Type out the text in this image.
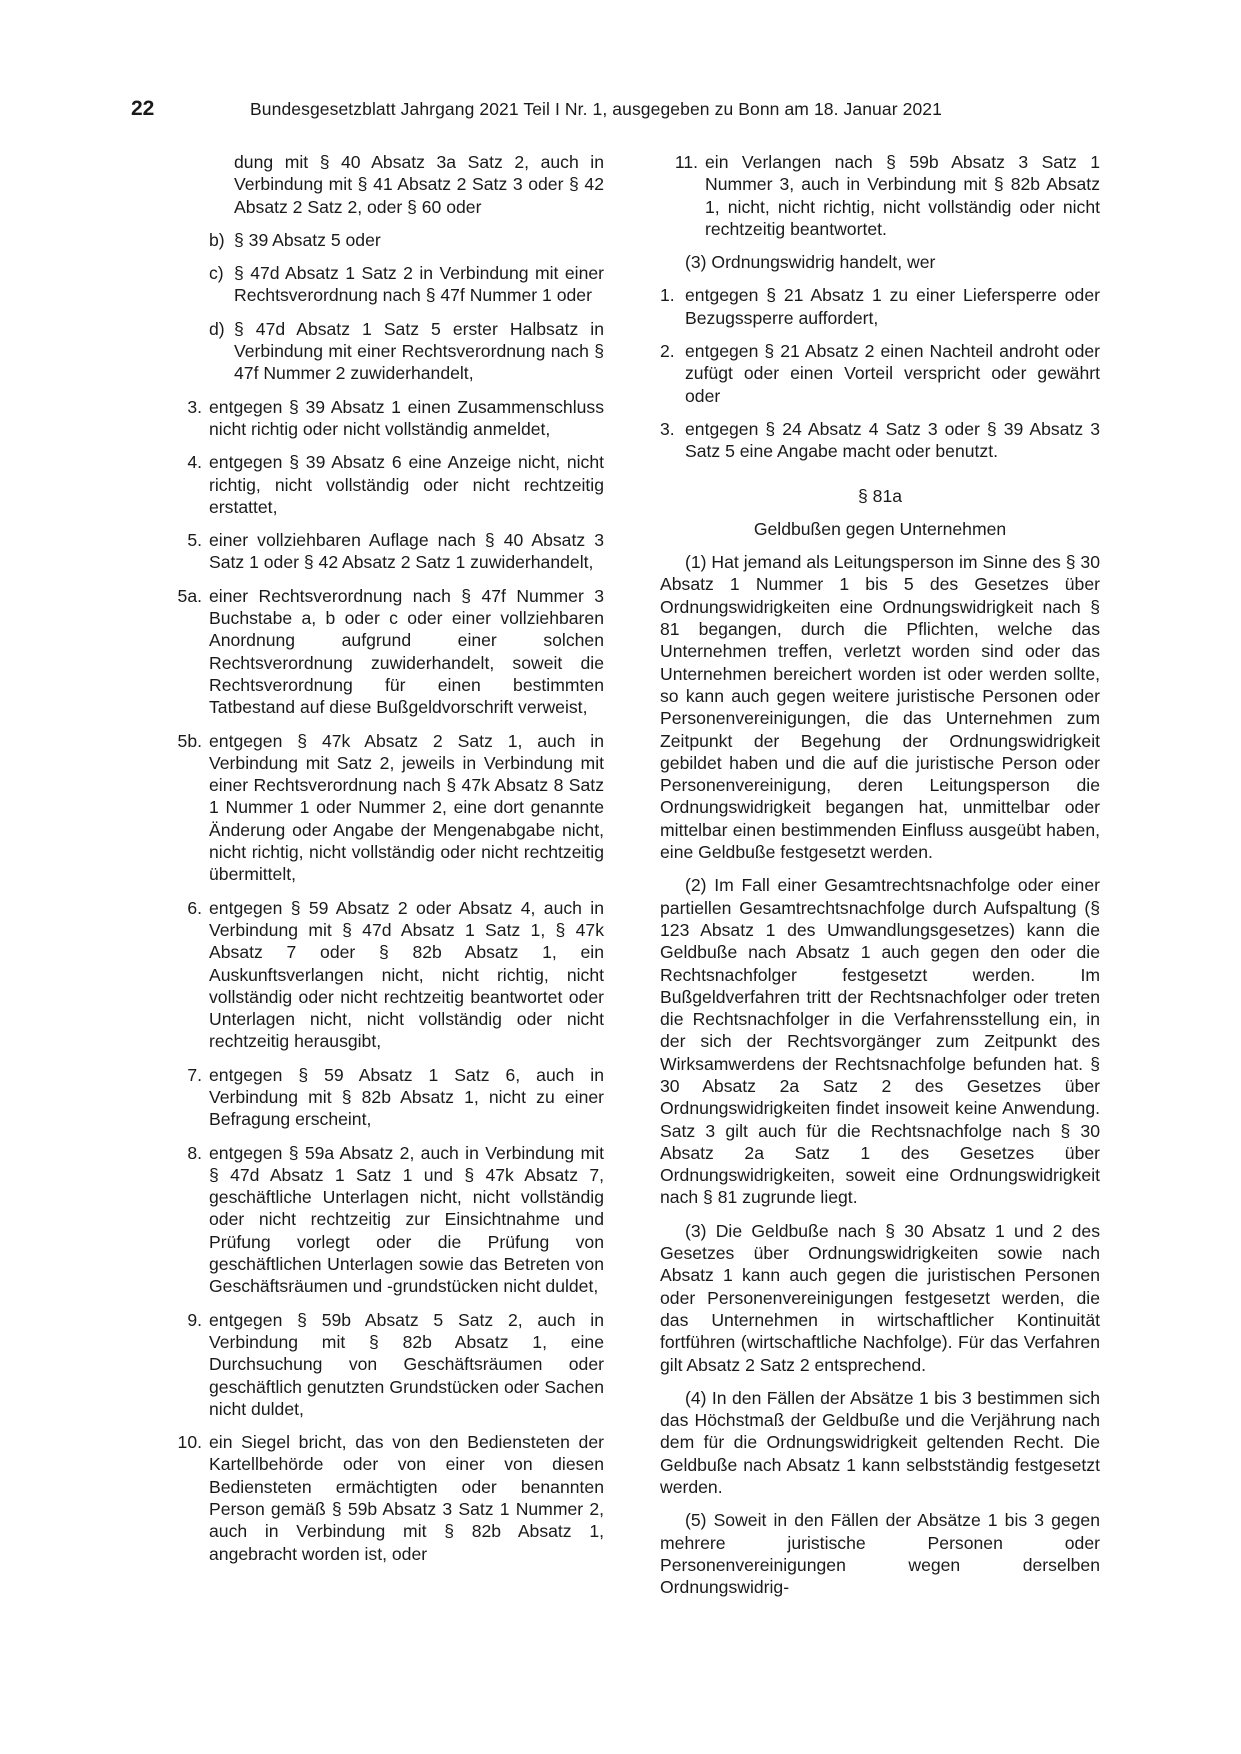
22	Bundesgesetzblatt Jahrgang 2021 Teil I Nr. 1, ausgegeben zu Bonn am 18. Januar 2021

dung mit § 40 Absatz 3a Satz 2, auch in Verbindung mit § 41 Absatz 2 Satz 3 oder § 42 Absatz 2 Satz 2, oder § 60 oder

b) § 39 Absatz 5 oder
c) § 47d Absatz 1 Satz 2 in Verbindung mit einer Rechtsverordnung nach § 47f Nummer 1 oder
d) § 47d Absatz 1 Satz 5 erster Halbsatz in Verbindung mit einer Rechtsverordnung nach § 47f Nummer 2 zuwiderhandelt,
3. entgegen § 39 Absatz 1 einen Zusammenschluss nicht richtig oder nicht vollständig anmeldet,
4. entgegen § 39 Absatz 6 eine Anzeige nicht, nicht richtig, nicht vollständig oder nicht rechtzeitig erstattet,
5. einer vollziehbaren Auflage nach § 40 Absatz 3 Satz 1 oder § 42 Absatz 2 Satz 1 zuwiderhandelt,
5a. einer Rechtsverordnung nach § 47f Nummer 3 Buchstabe a, b oder c oder einer vollziehbaren Anordnung aufgrund einer solchen Rechtsverordnung zuwiderhandelt, soweit die Rechtsverordnung für einen bestimmten Tatbestand auf diese Bußgeldvorschrift verweist,
5b. entgegen § 47k Absatz 2 Satz 1, auch in Verbindung mit Satz 2, jeweils in Verbindung mit einer Rechtsverordnung nach § 47k Absatz 8 Satz 1 Nummer 1 oder Nummer 2, eine dort genannte Änderung oder Angabe der Mengenabgabe nicht, nicht richtig, nicht vollständig oder nicht rechtzeitig übermittelt,
6. entgegen § 59 Absatz 2 oder Absatz 4, auch in Verbindung mit § 47d Absatz 1 Satz 1, § 47k Absatz 7 oder § 82b Absatz 1, ein Auskunftsverlangen nicht, nicht richtig, nicht vollständig oder nicht rechtzeitig beantwortet oder Unterlagen nicht, nicht vollständig oder nicht rechtzeitig herausgibt,
7. entgegen § 59 Absatz 1 Satz 6, auch in Verbindung mit § 82b Absatz 1, nicht zu einer Befragung erscheint,
8. entgegen § 59a Absatz 2, auch in Verbindung mit § 47d Absatz 1 Satz 1 und § 47k Absatz 7, geschäftliche Unterlagen nicht, nicht vollständig oder nicht rechtzeitig zur Einsichtnahme und Prüfung vorlegt oder die Prüfung von geschäftlichen Unterlagen sowie das Betreten von Geschäftsräumen und -grundstücken nicht duldet,
9. entgegen § 59b Absatz 5 Satz 2, auch in Verbindung mit § 82b Absatz 1, eine Durchsuchung von Geschäftsräumen oder geschäftlich genutzten Grundstücken oder Sachen nicht duldet,
10. ein Siegel bricht, das von den Bediensteten der Kartellbehörde oder von einer von diesen Bediensteten ermächtigten oder benannten Person gemäß § 59b Absatz 3 Satz 1 Nummer 2, auch in Verbindung mit § 82b Absatz 1, angebracht worden ist, oder
11. ein Verlangen nach § 59b Absatz 3 Satz 1 Nummer 3, auch in Verbindung mit § 82b Absatz 1, nicht, nicht richtig, nicht vollständig oder nicht rechtzeitig beantwortet.

(3) Ordnungswidrig handelt, wer

1. entgegen § 21 Absatz 1 zu einer Liefersperre oder Bezugssperre auffordert,
2. entgegen § 21 Absatz 2 einen Nachteil androht oder zufügt oder einen Vorteil verspricht oder gewährt oder
3. entgegen § 24 Absatz 4 Satz 3 oder § 39 Absatz 3 Satz 5 eine Angabe macht oder benutzt.

§ 81a

Geldbußen gegen Unternehmen

(1) Hat jemand als Leitungsperson im Sinne des § 30 Absatz 1 Nummer 1 bis 5 des Gesetzes über Ordnungswidrigkeiten eine Ordnungswidrigkeit nach § 81 begangen, durch die Pflichten, welche das Unternehmen treffen, verletzt worden sind oder das Unternehmen bereichert worden ist oder werden sollte, so kann auch gegen weitere juristische Personen oder Personenvereinigungen, die das Unternehmen zum Zeitpunkt der Begehung der Ordnungswidrigkeit gebildet haben und die auf die juristische Person oder Personenvereinigung, deren Leitungsperson die Ordnungswidrigkeit begangen hat, unmittelbar oder mittelbar einen bestimmenden Einfluss ausgeübt haben, eine Geldbuße festgesetzt werden.

(2) Im Fall einer Gesamtrechtsnachfolge oder einer partiellen Gesamtrechtsnachfolge durch Aufspaltung (§ 123 Absatz 1 des Umwandlungsgesetzes) kann die Geldbuße nach Absatz 1 auch gegen den oder die Rechtsnachfolger festgesetzt werden. Im Bußgeldverfahren tritt der Rechtsnachfolger oder treten die Rechtsnachfolger in die Verfahrensstellung ein, in der sich der Rechtsvorgänger zum Zeitpunkt des Wirksamwerdens der Rechtsnachfolge befunden hat. § 30 Absatz 2a Satz 2 des Gesetzes über Ordnungswidrigkeiten findet insoweit keine Anwendung. Satz 3 gilt auch für die Rechtsnachfolge nach § 30 Absatz 2a Satz 1 des Gesetzes über Ordnungswidrigkeiten, soweit eine Ordnungswidrigkeit nach § 81 zugrunde liegt.

(3) Die Geldbuße nach § 30 Absatz 1 und 2 des Gesetzes über Ordnungswidrigkeiten sowie nach Absatz 1 kann auch gegen die juristischen Personen oder Personenvereinigungen festgesetzt werden, die das Unternehmen in wirtschaftlicher Kontinuität fortführen (wirtschaftliche Nachfolge). Für das Verfahren gilt Absatz 2 Satz 2 entsprechend.

(4) In den Fällen der Absätze 1 bis 3 bestimmen sich das Höchstmaß der Geldbuße und die Verjährung nach dem für die Ordnungswidrigkeit geltenden Recht. Die Geldbuße nach Absatz 1 kann selbstständig festgesetzt werden.

(5) Soweit in den Fällen der Absätze 1 bis 3 gegen mehrere juristische Personen oder Personenvereinigungen wegen derselben Ordnungswidrig-
